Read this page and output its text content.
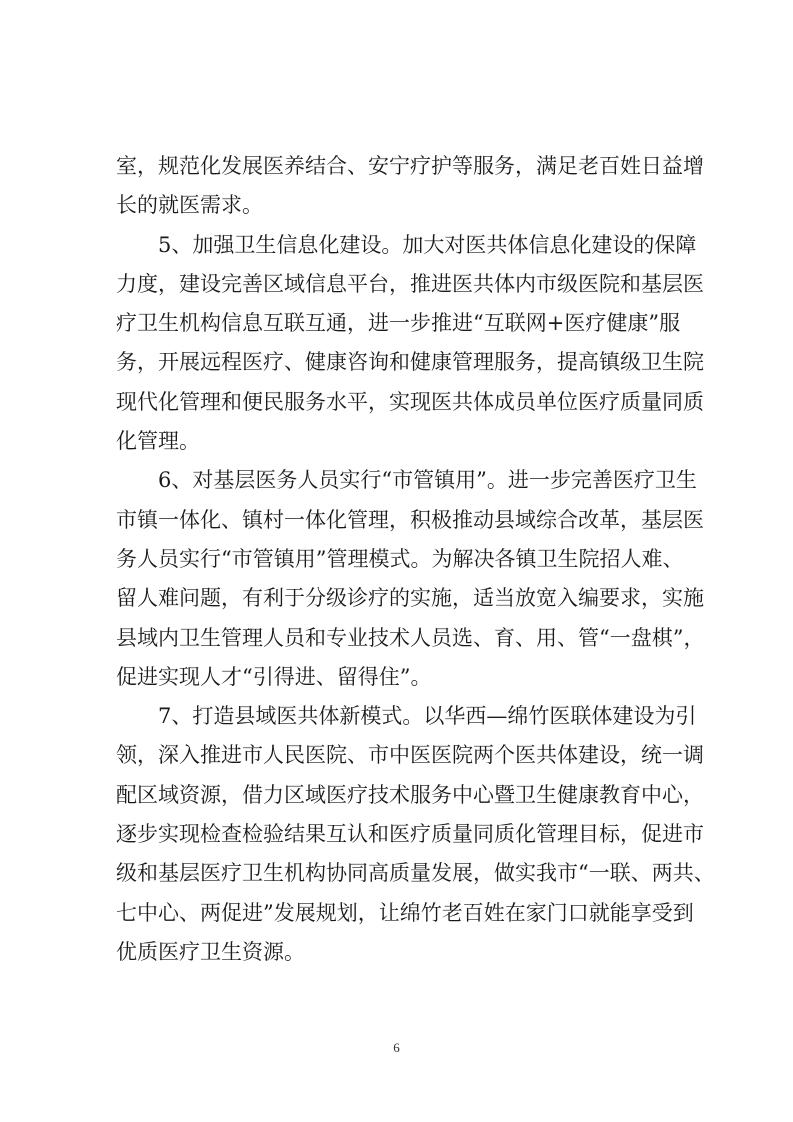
室，规范化发展医养结合、安宁疗护等服务，满足老百姓日益增
长的就医需求。
5、加强卫生信息化建设。加大对医共体信息化建设的保障
力度，建设完善区域信息平台，推进医共体内市级医院和基层医
疗卫生机构信息互联互通，进一步推进“互联网+医疗健康”服
务，开展远程医疗、健康咨询和健康管理服务，提高镇级卫生院
现代化管理和便民服务水平，实现医共体成员单位医疗质量同质
化管理。
6、对基层医务人员实行“市管镇用”。进一步完善医疗卫生
市镇一体化、镇村一体化管理，积极推动县域综合改革，基层医
务人员实行“市管镇用”管理模式。为解决各镇卫生院招人难、
留人难问题，有利于分级诊疗的实施，适当放宽入编要求，实施
县域内卫生管理人员和专业技术人员选、育、用、管“一盘棋”，
促进实现人才“引得进、留得住”。
7、打造县域医共体新模式。以华西—绵竹医联体建设为引
领，深入推进市人民医院、市中医医院两个医共体建设，统一调
配区域资源，借力区域医疗技术服务中心暨卫生健康教育中心，
逐步实现检查检验结果互认和医疗质量同质化管理目标，促进市
级和基层医疗卫生机构协同高质量发展，做实我市“一联、两共、
七中心、两促进”发展规划，让绵竹老百姓在家门口就能享受到
优质医疗卫生资源。
6
